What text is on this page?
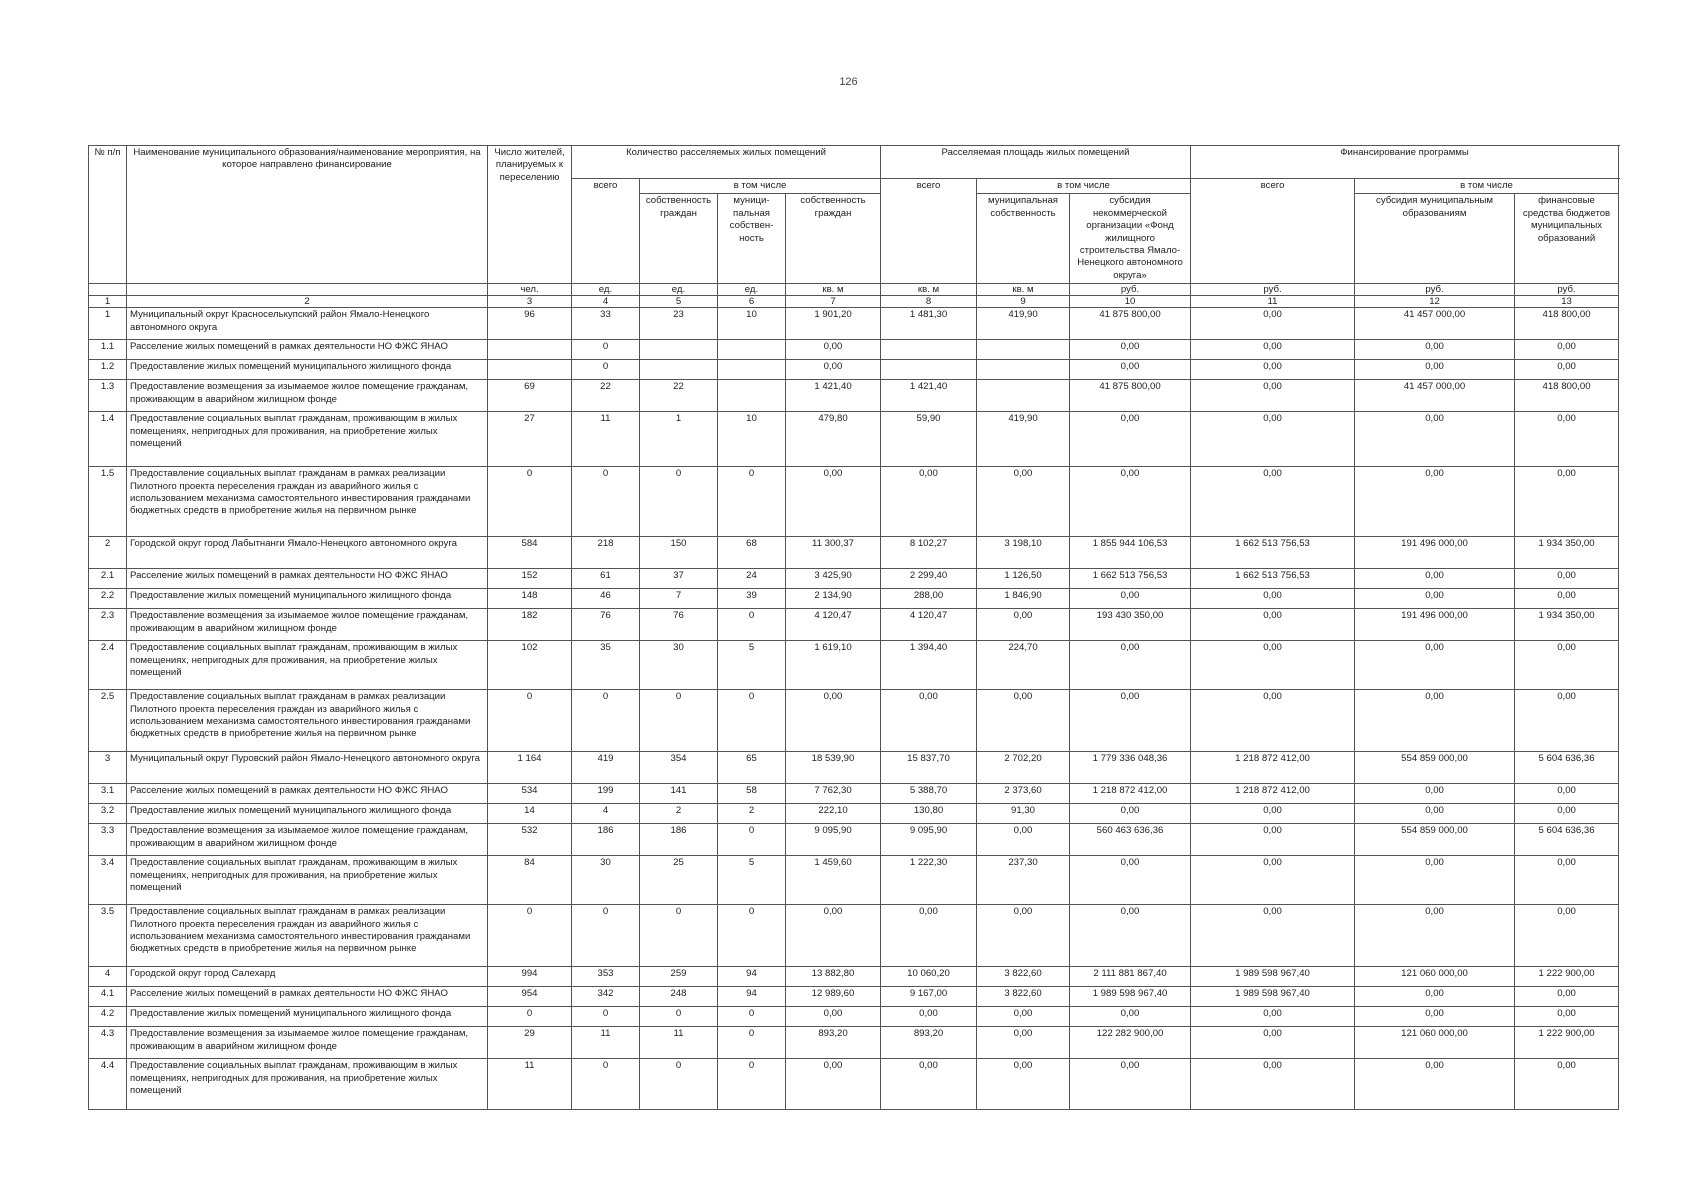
126
№ п/п	Наименование муниципального образования/наименование мероприятия, на которое направлено финансирование	Число жителей, планируемых к переселению	Количество расселяемых жилых помещений				Расселяемая площадь жилых помещений			Финансирование программы		
			всего	в том числе			всего	в том числе		всего	в том числе	
				собственность граждан	муници-пальная собствен-ность	собственность граждан		муниципальная собственность	субсидия некоммерческой организации «Фонд жилищного строительства Ямало-Ненецкого автономного округа»		субсидия муниципальным образованиям	финансовые средства бюджетов муниципальных образований
		чел.	ед.	ед.	ед.	кв. м	кв. м	кв. м	руб.	руб.	руб.	руб.
1	2	3	4	5	6	7	8	9	10	11	12	13
1	Муниципальный округ Красноселькупский район Ямало-Ненецкого автономного округа	96	33	23	10	1 901,20	1 481,30	419,90	41 875 800,00	0,00	41 457 000,00	418 800,00
1.1	Расселение жилых помещений в рамках деятельности НО ФЖС ЯНАО		0			0,00			0,00	0,00	0,00	0,00
1.2	Предоставление жилых помещений муниципального жилищного фонда		0			0,00			0,00	0,00	0,00	0,00
1.3	Предоставление возмещения за изымаемое жилое помещение гражданам, проживающим в аварийном жилищном фонде	69	22	22		1 421,40	1 421,40		41 875 800,00	0,00	41 457 000,00	418 800,00
1.4	Предоставление социальных выплат гражданам, проживающим в жилых помещениях, непригодных для проживания, на приобретение жилых помещений	27	11	1	10	479,80	59,90	419,90	0,00	0,00	0,00	0,00
1.5	Предоставление социальных выплат гражданам в рамках реализации Пилотного проекта переселения граждан из аварийного жилья с использованием механизма самостоятельного инвестирования гражданами бюджетных средств в приобретение жилья на первичном рынке	0	0	0	0	0,00	0,00	0,00	0,00	0,00	0,00	0,00
2	Городской округ город Лабытнанги Ямало-Ненецкого автономного округа	584	218	150	68	11 300,37	8 102,27	3 198,10	1 855 944 106,53	1 662 513 756,53	191 496 000,00	1 934 350,00
2.1	Расселение жилых помещений в рамках деятельности НО ФЖС ЯНАО	152	61	37	24	3 425,90	2 299,40	1 126,50	1 662 513 756,53	1 662 513 756,53	0,00	0,00
2.2	Предоставление жилых помещений муниципального жилищного фонда	148	46	7	39	2 134,90	288,00	1 846,90	0,00	0,00	0,00	0,00
2.3	Предоставление возмещения за изымаемое жилое помещение гражданам, проживающим в аварийном жилищном фонде	182	76	76	0	4 120,47	4 120,47	0,00	193 430 350,00	0,00	191 496 000,00	1 934 350,00
2.4	Предоставление социальных выплат гражданам, проживающим в жилых помещениях, непригодных для проживания, на приобретение жилых помещений	102	35	30	5	1 619,10	1 394,40	224,70	0,00	0,00	0,00	0,00
2.5	Предоставление социальных выплат гражданам в рамках реализации Пилотного проекта переселения граждан из аварийного жилья с использованием механизма самостоятельного инвестирования гражданами бюджетных средств в приобретение жилья на первичном рынке	0	0	0	0	0,00	0,00	0,00	0,00	0,00	0,00	0,00
3	Муниципальный округ Пуровский район Ямало-Ненецкого автономного округа	1 164	419	354	65	18 539,90	15 837,70	2 702,20	1 779 336 048,36	1 218 872 412,00	554 859 000,00	5 604 636,36
3.1	Расселение жилых помещений в рамках деятельности НО ФЖС ЯНАО	534	199	141	58	7 762,30	5 388,70	2 373,60	1 218 872 412,00	1 218 872 412,00	0,00	0,00
3.2	Предоставление жилых помещений муниципального жилищного фонда	14	4	2	2	222,10	130,80	91,30	0,00	0,00	0,00	0,00
3.3	Предоставление возмещения за изымаемое жилое помещение гражданам, проживающим в аварийном жилищном фонде	532	186	186	0	9 095,90	9 095,90	0,00	560 463 636,36	0,00	554 859 000,00	5 604 636,36
3.4	Предоставление социальных выплат гражданам, проживающим в жилых помещениях, непригодных для проживания, на приобретение жилых помещений	84	30	25	5	1 459,60	1 222,30	237,30	0,00	0,00	0,00	0,00
3.5	Предоставление социальных выплат гражданам в рамках реализации Пилотного проекта переселения граждан из аварийного жилья с использованием механизма самостоятельного инвестирования гражданами бюджетных средств в приобретение жилья на первичном рынке	0	0	0	0	0,00	0,00	0,00	0,00	0,00	0,00	0,00
4	Городской округ город Салехард	994	353	259	94	13 882,80	10 060,20	3 822,60	2 111 881 867,40	1 989 598 967,40	121 060 000,00	1 222 900,00
4.1	Расселение жилых помещений в рамках деятельности НО ФЖС ЯНАО	954	342	248	94	12 989,60	9 167,00	3 822,60	1 989 598 967,40	1 989 598 967,40	0,00	0,00
4.2	Предоставление жилых помещений муниципального жилищного фонда	0	0	0	0	0,00	0,00	0,00	0,00	0,00	0,00	0,00
4.3	Предоставление возмещения за изымаемое жилое помещение гражданам, проживающим в аварийном жилищном фонде	29	11	11	0	893,20	893,20	0,00	122 282 900,00	0,00	121 060 000,00	1 222 900,00
4.4	Предоставление социальных выплат гражданам, проживающим в жилых помещениях, непригодных для проживания, на приобретение жилых помещений	11	0	0	0	0,00	0,00	0,00	0,00	0,00	0,00	0,00
